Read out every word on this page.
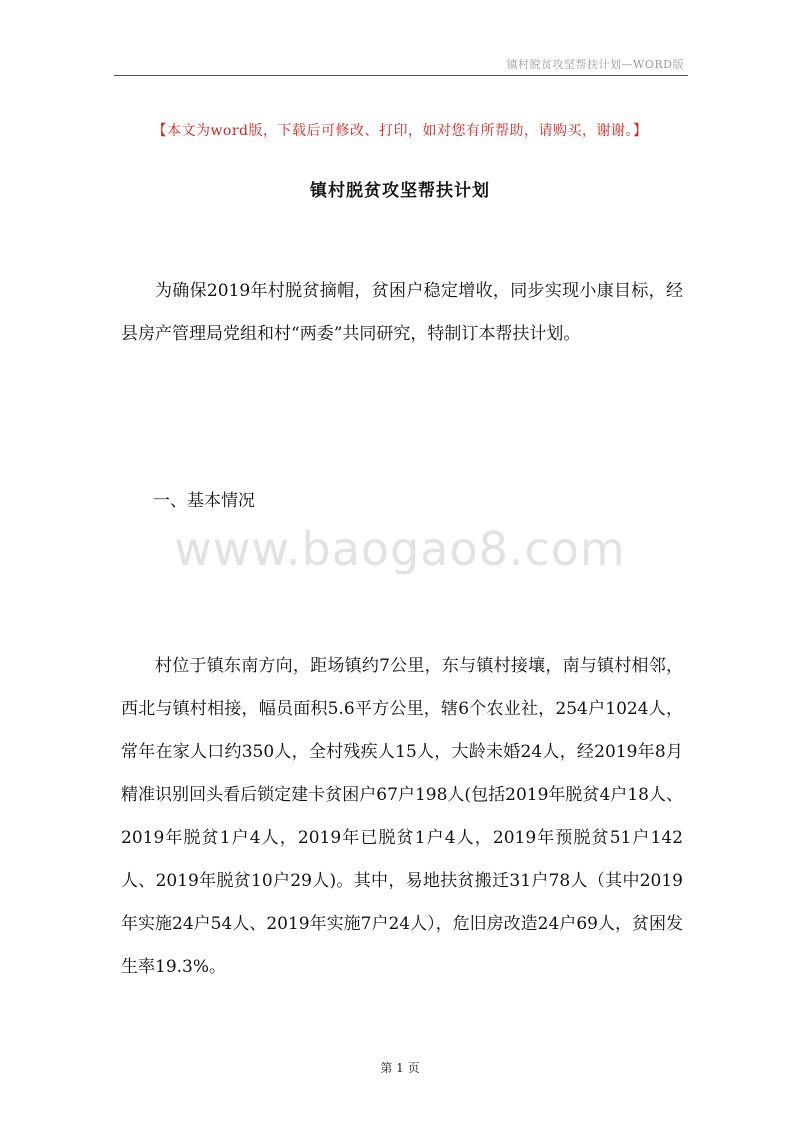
镇村脱贫攻坚帮扶计划—WORD版
【本文为word版，下载后可修改、打印，如对您有所帮助，请购买，谢谢。】
镇村脱贫攻坚帮扶计划

为确保2019年村脱贫摘帽，贫困户稳定增收，同步实现小康目标，经县房产管理局党组和村“两委”共同研究，特制订本帮扶计划。

一、基本情况
www.baogao8.com

村位于镇东南方向，距场镇约7公里，东与镇村接壤，南与镇村相邻，西北与镇村相接，幅员面积5.6平方公里，辖6个农业社，254户1024人，常年在家人口约350人，全村残疾人15人，大龄未婚24人，经2019年8月精准识别回头看后锁定建卡贫困户67户198人(包括2019年脱贫4户18人、2019年脱贫1户4人，2019年已脱贫1户4人，2019年预脱贫51户142人、2019年脱贫10户29人)。其中，易地扶贫搬迁31户78人（其中2019年实施24户54人、2019年实施7户24人），危旧房改造24户69人，贫困发生率19.3%。

第 1 页
